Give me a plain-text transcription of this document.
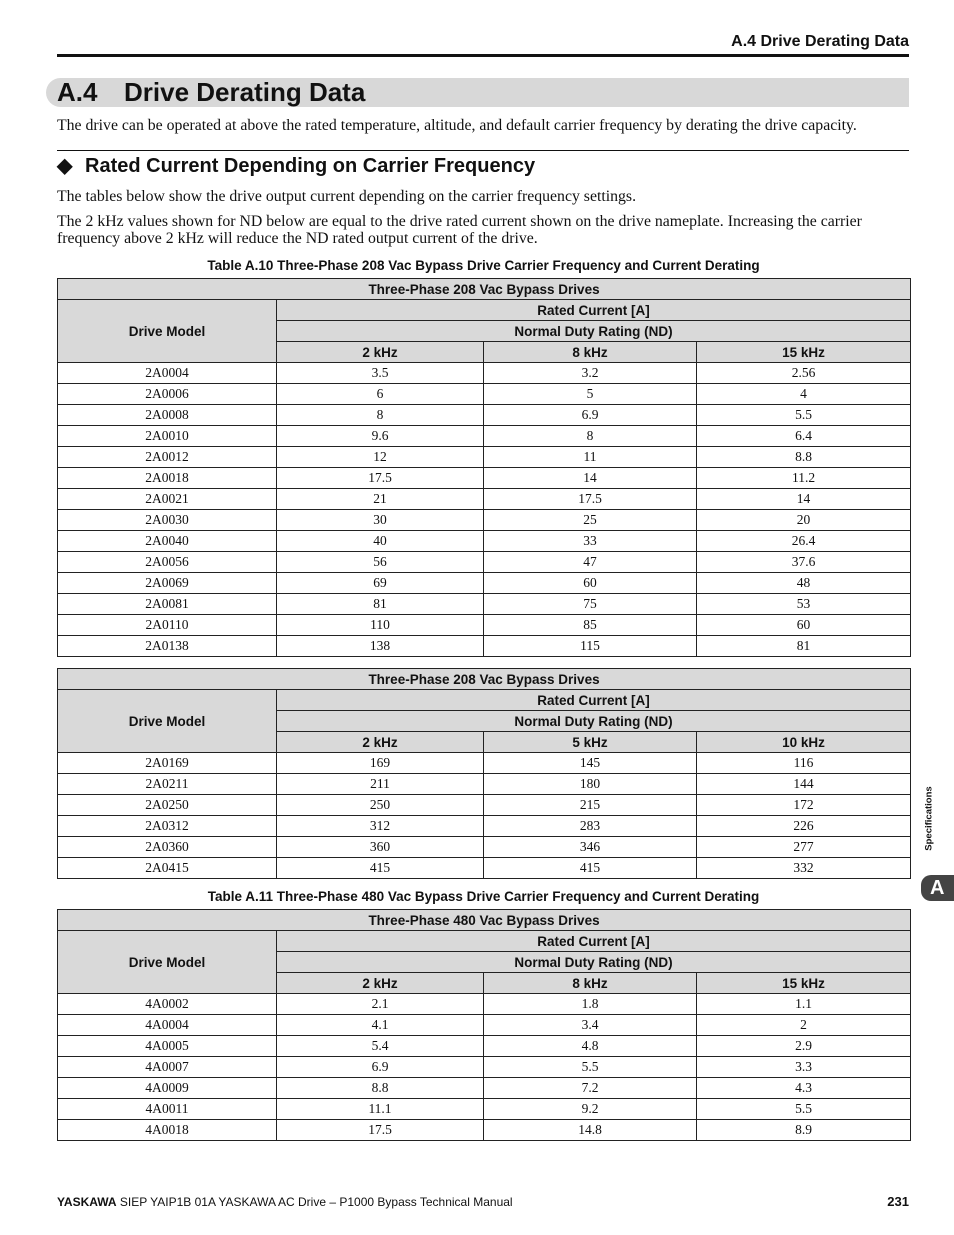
A.4 Drive Derating Data
A.4 Drive Derating Data
The drive can be operated at above the rated temperature, altitude, and default carrier frequency by derating the drive capacity.
◆ Rated Current Depending on Carrier Frequency
The tables below show the drive output current depending on the carrier frequency settings.
The 2 kHz values shown for ND below are equal to the drive rated current shown on the drive nameplate. Increasing the carrier frequency above 2 kHz will reduce the ND rated output current of the drive.
Table A.10 Three-Phase 208 Vac Bypass Drive Carrier Frequency and Current Derating
Three-Phase 208 Vac Bypass Drives			
Drive Model	Rated Current [A]		
	Normal Duty Rating (ND)		
	2 kHz	8 kHz	15 kHz
2A0004	3.5	3.2	2.56
2A0006	6	5	4
2A0008	8	6.9	5.5
2A0010	9.6	8	6.4
2A0012	12	11	8.8
2A0018	17.5	14	11.2
2A0021	21	17.5	14
2A0030	30	25	20
2A0040	40	33	26.4
2A0056	56	47	37.6
2A0069	69	60	48
2A0081	81	75	53
2A0110	110	85	60
2A0138	138	115	81
Three-Phase 208 Vac Bypass Drives			
Drive Model	Rated Current [A]		
	Normal Duty Rating (ND)		
	2 kHz	5 kHz	10 kHz
2A0169	169	145	116
2A0211	211	180	144
2A0250	250	215	172
2A0312	312	283	226
2A0360	360	346	277
2A0415	415	415	332
Table A.11 Three-Phase 480 Vac Bypass Drive Carrier Frequency and Current Derating
Three-Phase 480 Vac Bypass Drives			
Drive Model	Rated Current [A]		
	Normal Duty Rating (ND)		
	2 kHz	8 kHz	15 kHz
4A0002	2.1	1.8	1.1
4A0004	4.1	3.4	2
4A0005	5.4	4.8	2.9
4A0007	6.9	5.5	3.3
4A0009	8.8	7.2	4.3
4A0011	11.1	9.2	5.5
4A0018	17.5	14.8	8.9
Specifications
A
YASKAWA SIEP YAIP1B 01A YASKAWA AC Drive – P1000 Bypass Technical Manual	231
